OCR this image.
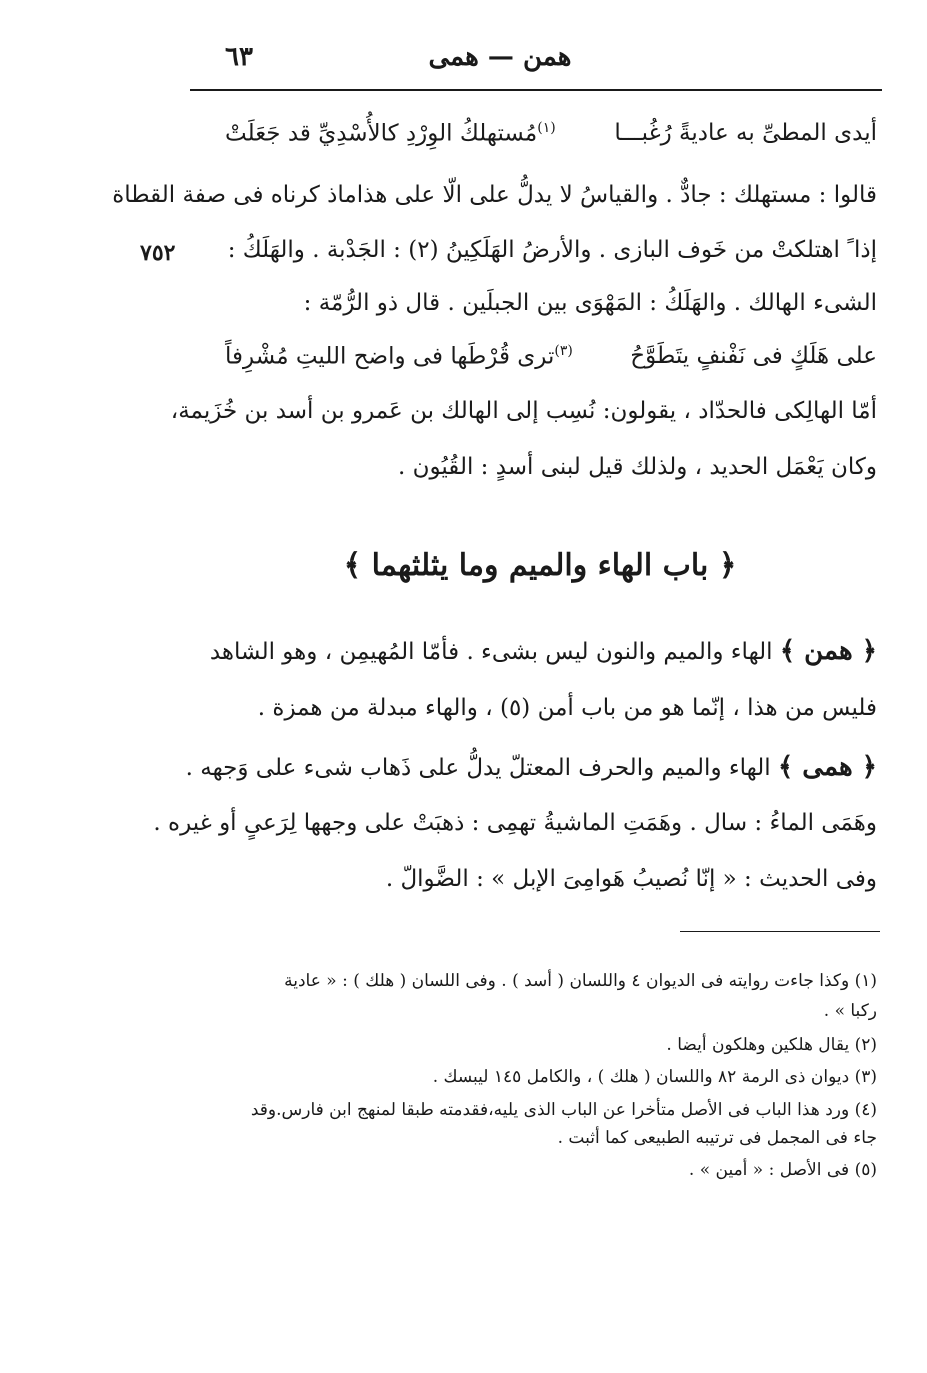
٦٣	همن — همى
أيدى المطىِّ به عاديةً رُغُبـــا
$^{(١)}$مُستهلكُ الوِرْدِ كالأُسْدِيِّ قد جَعَلَتْ
قالوا : مستهلك : جادٌّ . والقياسُ لا يدلُّ على الّا على هذاماذ كرناه فى صفة القطاة
إذا ً اهتلكتْ من خَوف البازى . والأرضُ الهَلَكِينُ (٢) : الجَدْبة . والهَلَكُ :
٧٥٢
الشىء الهالك . والهَلَكُ : المَهْوَى بين الجبلَين . قال ذو الرُّمّة :
على هَلَكٍ فى نَفْنفٍ يتَطَوَّحُ
$^{(٣)}$ترى قُرْطَها فى واضح الليتِ مُشْرِفاً
أمّا الهالِكى فالحدّاد ، يقولون: نُسِب إلى الهالك بن عَمرو بن أسد بن خُزَيمة،
وكان يَعْمَل الحديد ، ولذلك قيل لبنى أسدٍ : القُيُون .
﴿ باب الهاء والميم وما يثلثهما ﴾
﴿ همن ﴾ الهاء والميم والنون ليس بشىء . فأمّا المُهيمِن ، وهو الشاهد
فليس من هذا ، إنّما هو من باب أمن (٥) ، والهاء مبدلة من همزة .
﴿ همى ﴾ الهاء والميم والحرف المعتلّ يدلُّ على ذَهاب شىء على وَجهه .
وهَمَى الماءُ : سال . وهَمَتِ الماشيةُ تهمِى : ذهبَتْ على وجهها لِرَعىٍ أو غيره .
وفى الحديث : « إنّا نُصيبُ هَوامِىَ الإبل » : الضَّوالّ .
(١) وكذا جاءت روايته فى الديوان ٤ واللسان ( أسد ) . وفى اللسان ( هلك ) : « عادية
ركبا » .
(٢) يقال هلكين وهلكون أيضا .
(٣) ديوان ذى الرمة ٨٢ واللسان ( هلك ) ، والكامل ١٤٥ ليبسك .
(٤) ورد هذا الباب فى الأصل متأخرا عن الباب الذى يليه،فقدمته طبقا لمنهج ابن فارس.وقد
جاء فى المجمل فى ترتيبه الطبيعى كما أثبت .
(٥) فى الأصل : « أمين » .
